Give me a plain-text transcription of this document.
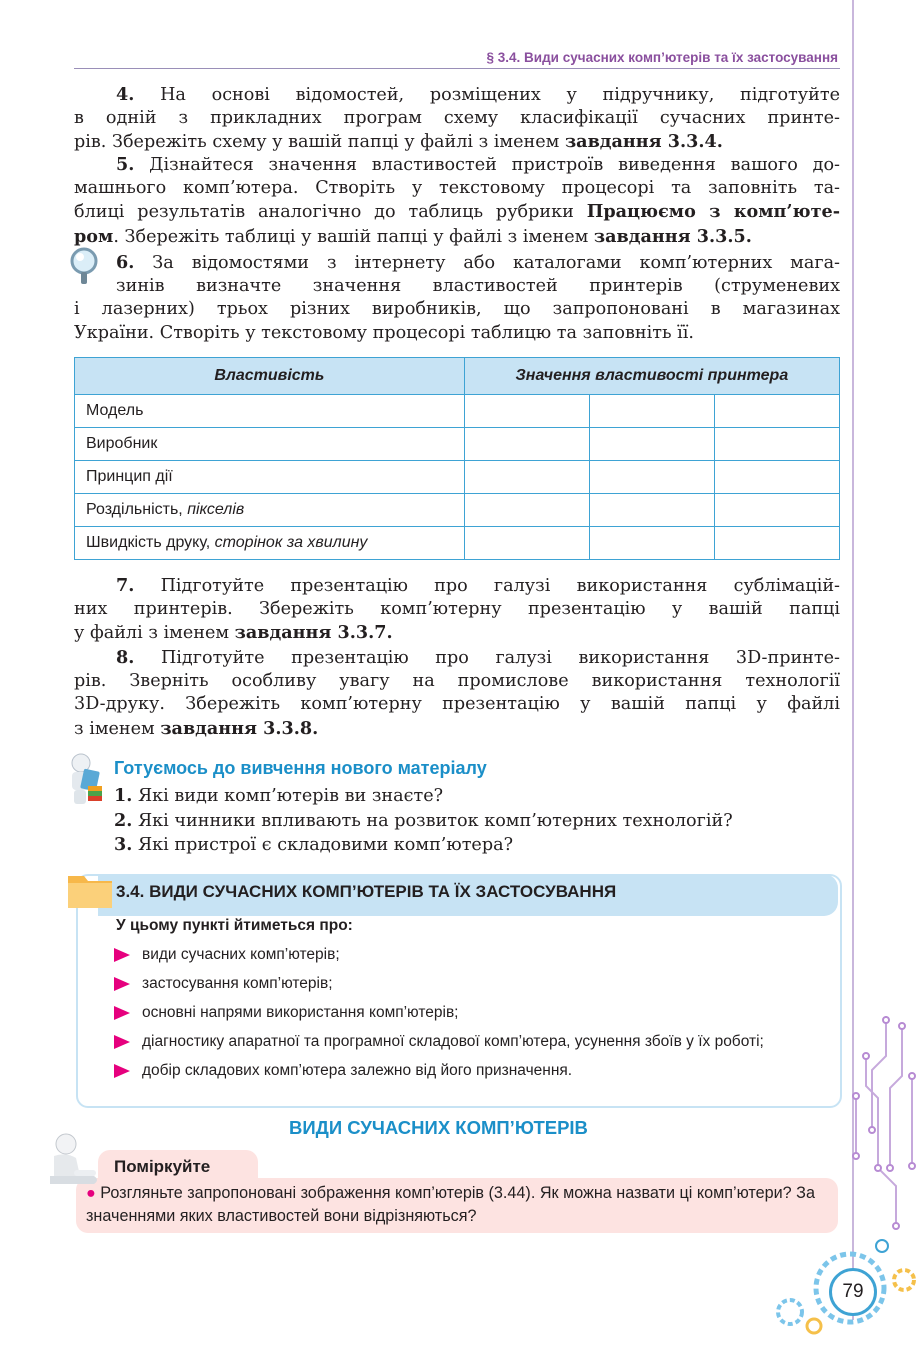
§ 3.4. Види сучасних комп’ютерів та їх застосування
4. На основі відомостей, розміщених у підручнику, підготуйте
в одній з прикладних програм схему класифікації сучасних принте-
рів. Збережіть схему у вашій папці у файлі з іменем завдання 3.3.4.
5. Дізнайтеся значення властивостей пристроїв виведення вашого до-
машнього комп’ютера. Створіть у текстовому процесорі та заповніть та-
блиці результатів аналогічно до таблиць рубрики Працюємо з комп’юте-
ром. Збережіть таблиці у вашій папці у файлі з іменем завдання 3.3.5.
6. За відомостями з інтернету або каталогами комп’ютерних мага-
зинів визначте значення властивостей принтерів (струменевих
і лазерних) трьох різних виробників, що запропоновані в магазинах
України. Створіть у текстовому процесорі таблицю та заповніть її.
Властивість	Значення властивості принтера		
Модель			
Виробник			
Принцип дії			
Роздільність, пікселів			
Швидкість друку, сторінок за хвилину			
7. Підготуйте презентацію про галузі використання сублімацій-
них принтерів. Збережіть комп’ютерну презентацію у вашій папці
у файлі з іменем завдання 3.3.7.
8. Підготуйте презентацію про галузі використання 3D-принте-
рів. Зверніть особливу увагу на промислове використання технології
3D-друку. Збережіть комп’ютерну презентацію у вашій папці у файлі
з іменем завдання 3.3.8.
Готуємось до вивчення нового матеріалу
1. Які види комп’ютерів ви знаєте?
2. Які чинники впливають на розвиток комп’ютерних технологій?
3. Які пристрої є складовими комп’ютера?
3.4. ВИДИ СУЧАСНИХ КОМП’ЮТЕРІВ ТА ЇХ ЗАСТОСУВАННЯ
У цьому пункті йтиметься про:
види сучасних комп’ютерів;
застосування комп’ютерів;
основні напрями використання комп’ютерів;
діагностику апаратної та програмної складової комп’ютера, усунення збоїв у їх роботі;
добір складових комп’ютера залежно від його призначення.
ВИДИ СУЧАСНИХ КОМП’ЮТЕРІВ
Поміркуйте
● Розгляньте запропоновані зображення комп’ютерів (3.44). Як можна назвати ці комп’ютери? За значеннями яких властивостей вони відрізняються?
79
